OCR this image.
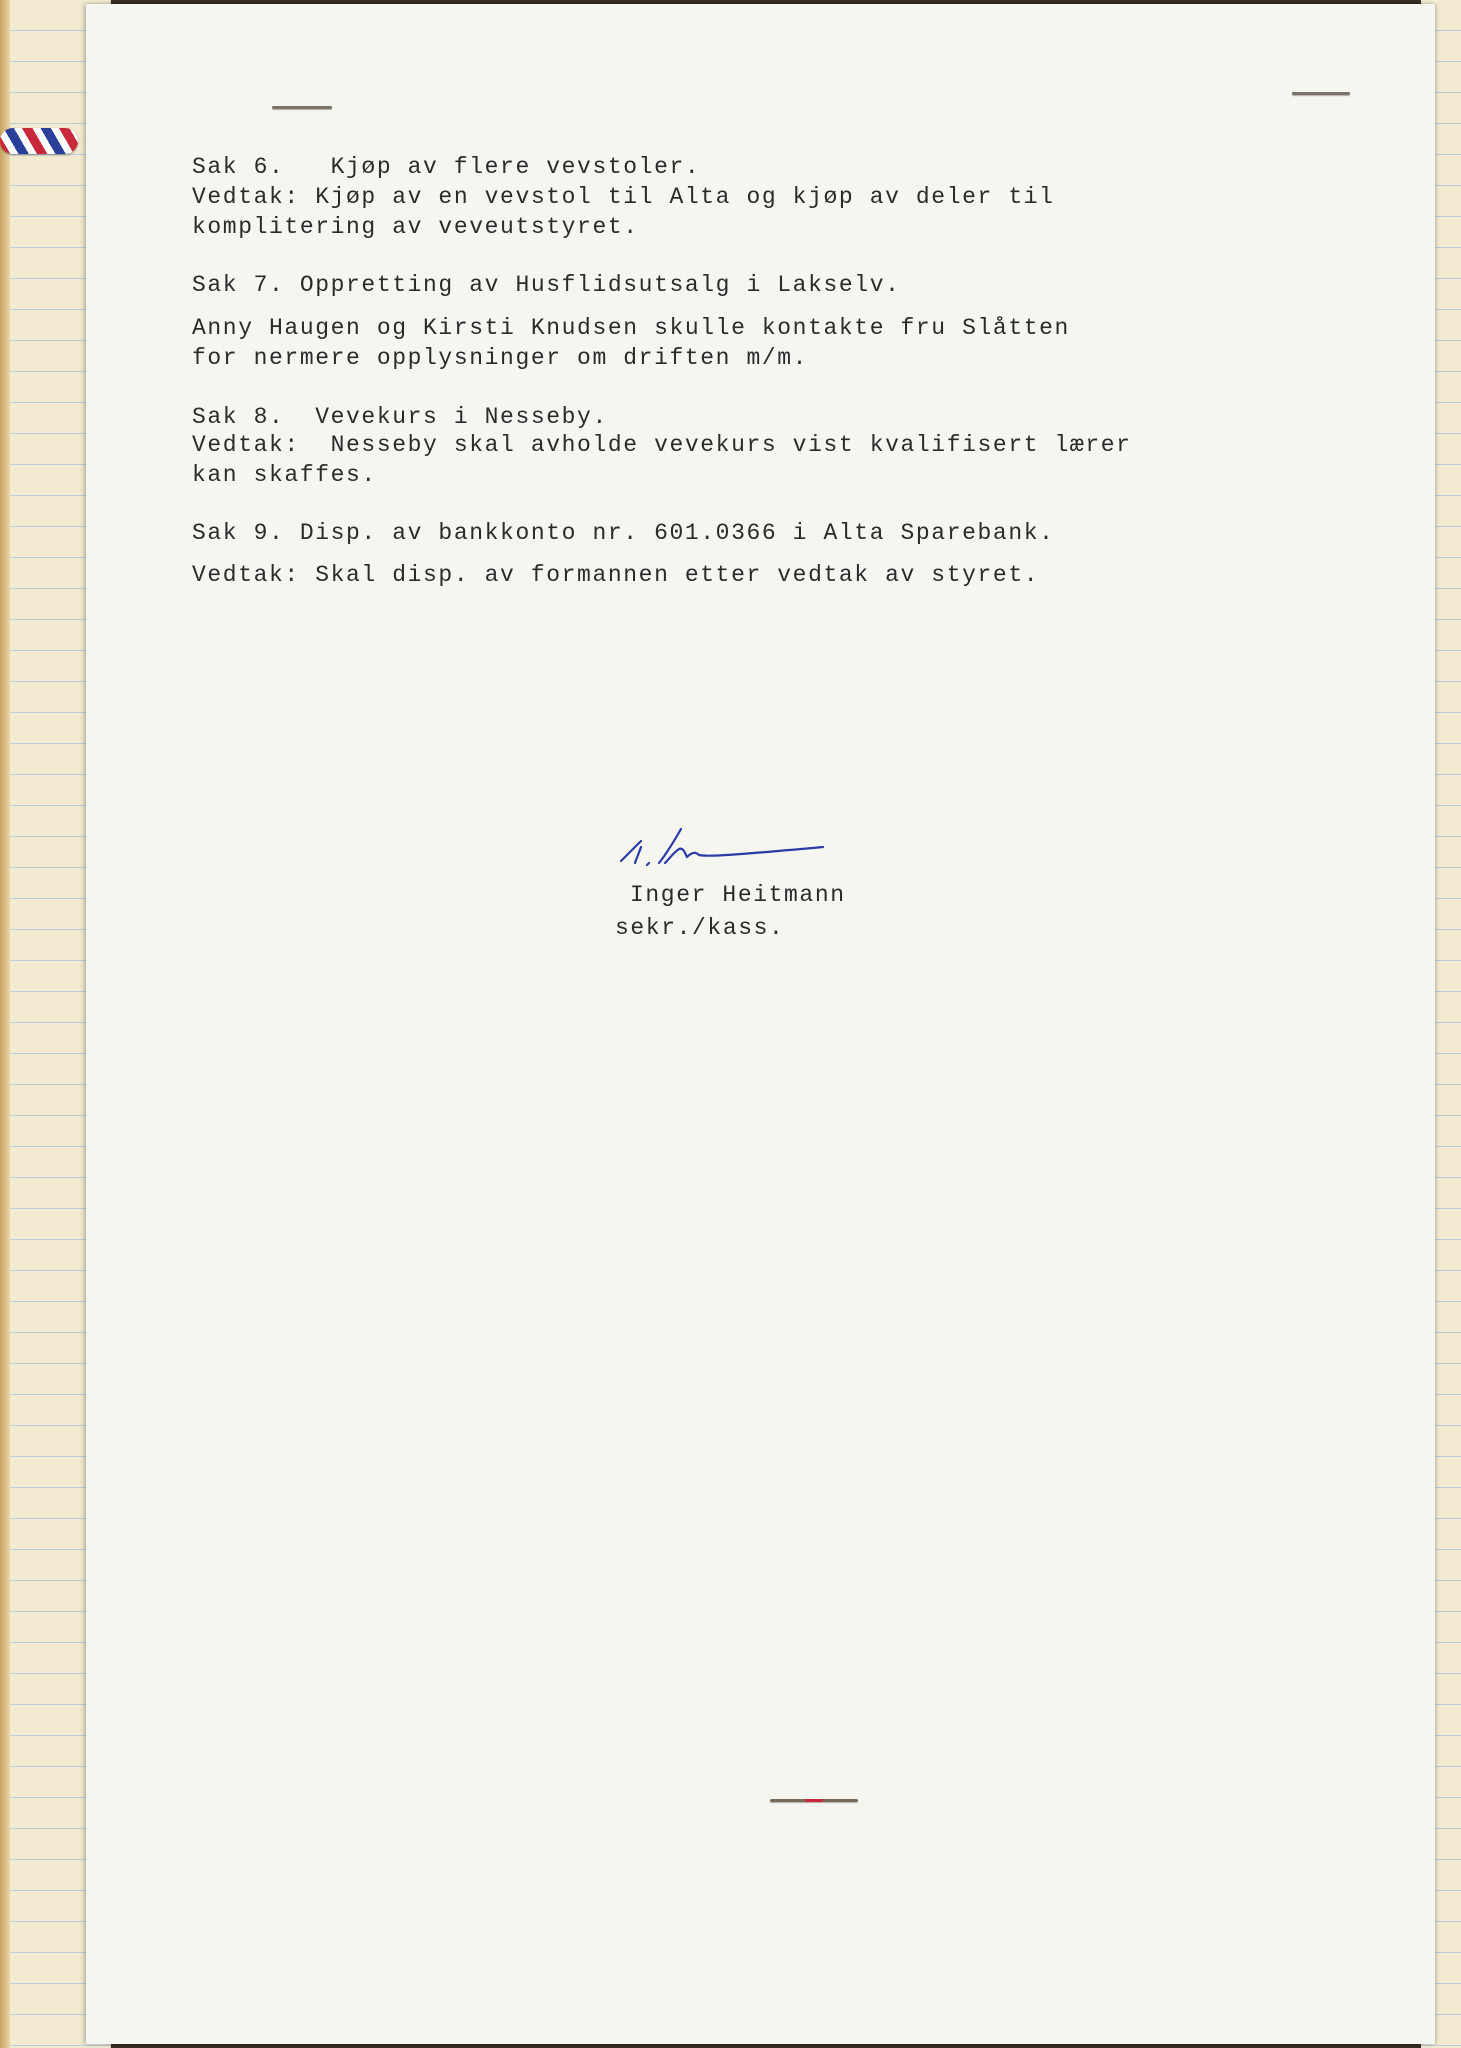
Sak 6.   Kjøp av flere vevstoler.

Vedtak: Kjøp av en vevstol til Alta og kjøp av deler til

komplitering av veveutstyret.

Sak 7. Oppretting av Husflidsutsalg i Lakselv.

Anny Haugen og Kirsti Knudsen skulle kontakte fru Slåtten

for nermere opplysninger om driften m/m.

Sak 8.  Vevekurs i Nesseby.

Vedtak:  Nesseby skal avholde vevekurs vist kvalifisert lærer

kan skaffes.

Sak 9. Disp. av bankkonto nr. 601.0366 i Alta Sparebank.

Vedtak: Skal disp. av formannen etter vedtak av styret.

Inger Heitmann

sekr./kass.
